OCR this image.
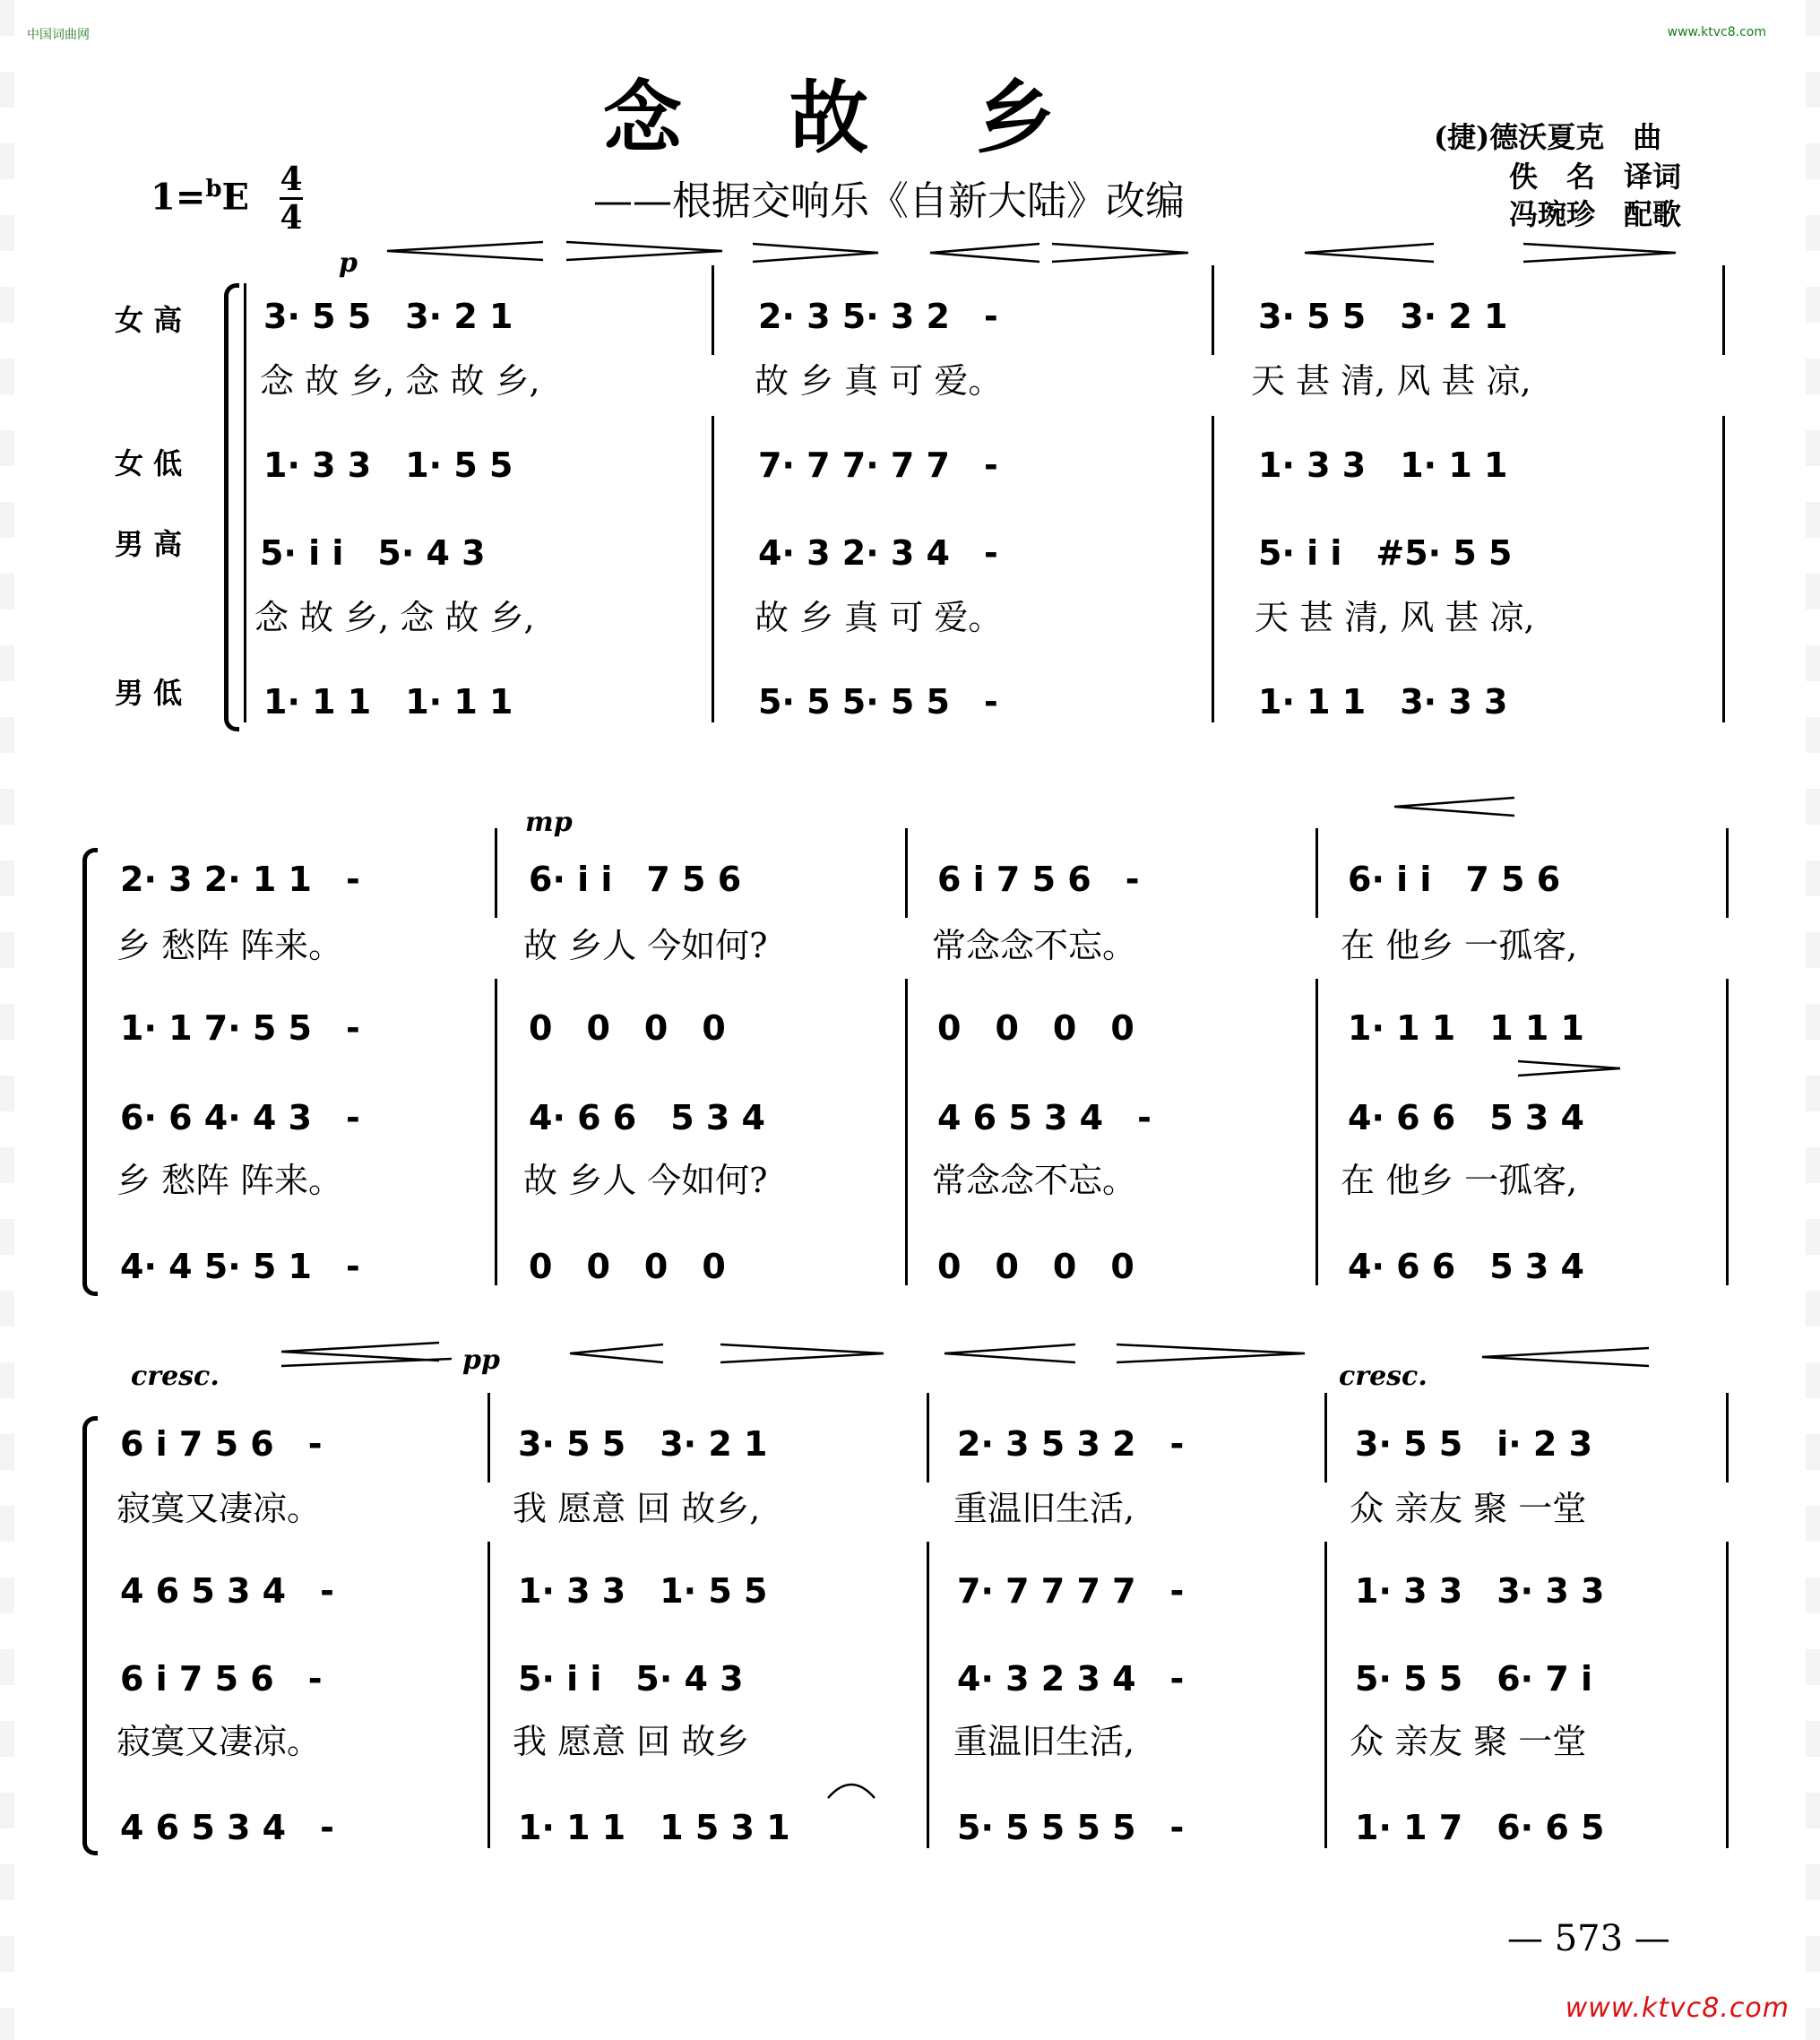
中国词曲网	www.ktvc8.com
念故乡
1=$^b$E 4
4	——根据交响乐《自新大陆》改编
(捷)德沃夏克　曲
佚　名　译词
冯琬珍　配歌
女 高
女 低
男 高
男 低
p
mp
cresc.
pp
cresc.
3· 5 5　3· 2 1	2· 3 5· 3 2　-	3· 5 5　3· 2 1
念 故 乡, 念 故 乡,	故 乡 真 可 爱。	天 甚 清, 风 甚 凉,
1· 3 3　1· 5 5	7· 7 7· 7 7　-	1· 3 3　1· 1 1
5· i i　5· 4 3	4· 3 2· 3 4　-	5· i i　#5· 5 5
念 故 乡, 念 故 乡,	故 乡 真 可 爱。	天 甚 清, 风 甚 凉,
1· 1 1　1· 1 1	5· 5 5· 5 5　-	1· 1 1　3· 3 3
2· 3 2· 1 1　-	6· i i　7 5 6	6 i 7 5 6　-	6· i i　7 5 6
乡 愁阵 阵来。	故 乡人 今如何?	常念念不忘。	在 他乡 一孤客,
1· 1 7· 5 5　-	0　0　0　0	0　0　0　0	1· 1 1　1 1 1
6· 6 4· 4 3　-	4· 6 6　5 3 4	4 6 5 3 4　-	4· 6 6　5 3 4
乡 愁阵 阵来。	故 乡人 今如何?	常念念不忘。	在 他乡 一孤客,
4· 4 5· 5 1　-	0　0　0　0	0　0　0　0	4· 6 6　5 3 4
6 i 7 5 6　-	3· 5 5　3· 2 1	2· 3 5 3 2　-	3· 5 5　i· 2 3
寂寞又凄凉。	我 愿意 回 故乡,	重温旧生活,	众 亲友 聚 一堂
4 6 5 3 4　-	1· 3 3　1· 5 5	7· 7 7 7 7　-	1· 3 3　3· 3 3
6 i 7 5 6　-	5· i i　5· 4 3	4· 3 2 3 4　-	5· 5 5　6· 7 i
寂寞又凄凉。	我 愿意 回 故乡	重温旧生活,	众 亲友 聚 一堂
4 6 5 3 4　-	1· 1 1　1 5 3 1	5· 5 5 5 5　-	1· 1 7　6· 6 5
— 573 —
www.ktvc8.com
